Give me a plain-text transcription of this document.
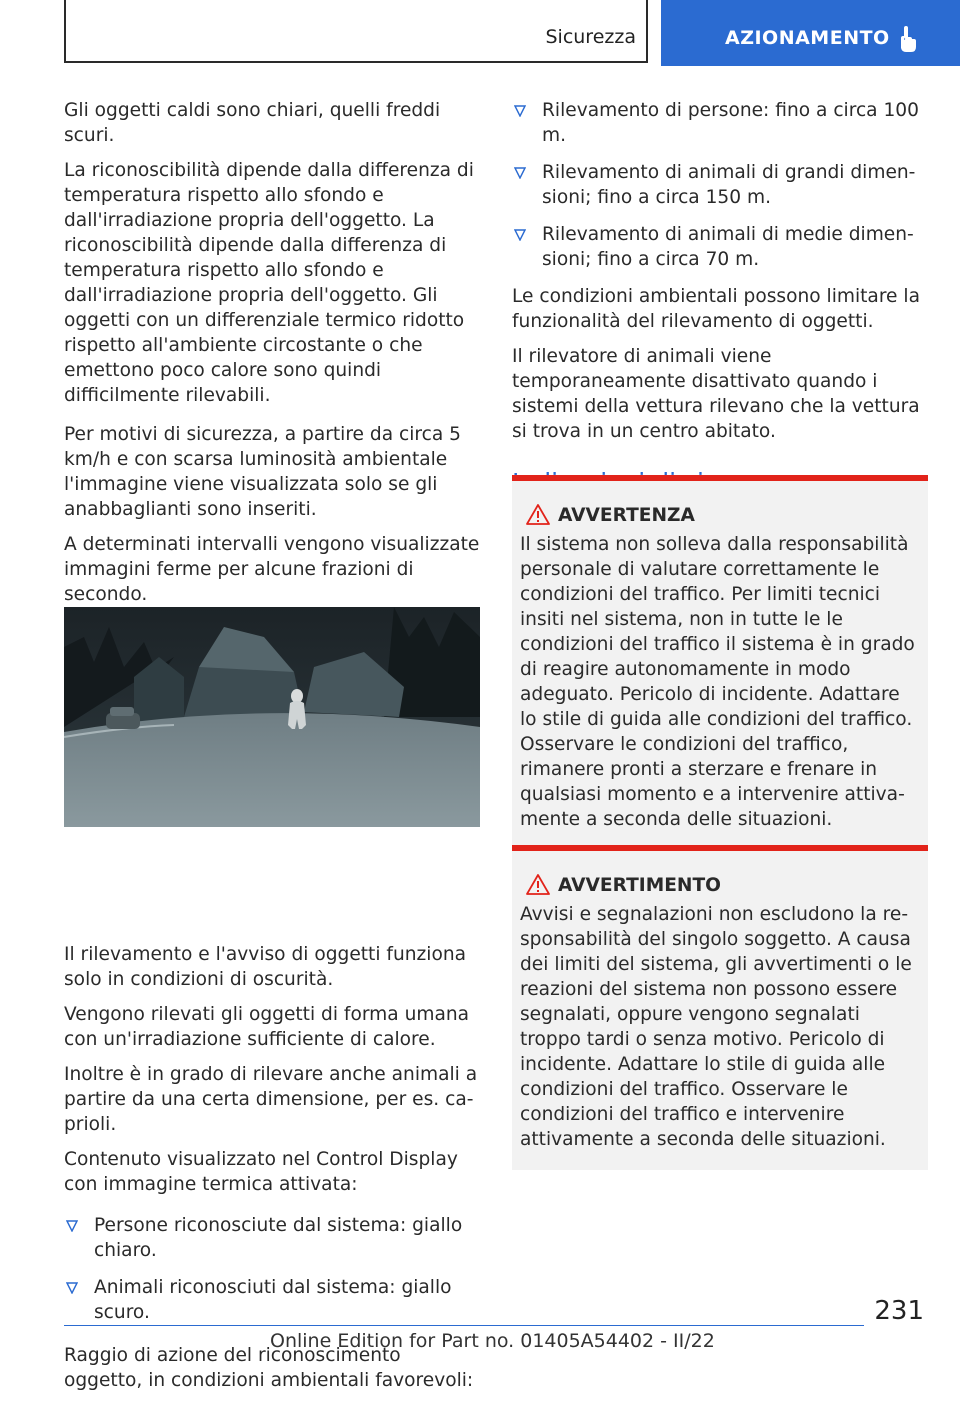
Sicurezza	AZIONAMENTO

Gli oggetti caldi sono chiari, quelli freddi scuri.

La riconoscibilità dipende dalla differenza di temperatura rispetto allo sfondo e dall'irradiazione propria dell'oggetto. La riconoscibilità dipende dalla differenza di temperatura rispetto allo sfondo e dall'irradiazione propria dell'oggetto. Gli oggetti con un differenziale termico ridotto rispetto all'ambiente circostante o che emettono poco calore sono quindi difficilmente rilevabili.

Per motivi di sicurezza, a partire da circa 5 km/h e con scarsa luminosità ambientale l'immagine viene visualizzata solo se gli anabbaglianti sono inseriti.

A determinati intervalli vengono visualizzate immagini ferme per alcune frazioni di secondo.

Il rilevamento e l'avviso di oggetti funziona solo in condizioni di oscurità.

Vengono rilevati gli oggetti di forma umana con un'irradiazione sufficiente di calore.

Inoltre è in grado di rilevare anche animali a partire da una certa dimensione, per es. caprioli.

Contenuto visualizzato nel Control Display con immagine termica attivata:

Persone riconosciute dal sistema: giallo chiaro.
Animali riconosciuti dal sistema: giallo scuro.

Raggio di azione del riconoscimento oggetto, in condizioni ambientali favorevoli:

Rilevamento di persone: fino a circa 100 m.
Rilevamento di animali di grandi dimensioni; fino a circa 150 m.
Rilevamento di animali di medie dimensioni; fino a circa 70 m.

Le condizioni ambientali possono limitare la funzionalità del rilevamento di oggetti.

Il rilevatore di animali viene temporaneamente disattivato quando i sistemi della vettura rilevano che la vettura si trova in un centro abitato.

AVVERTENZA
Il sistema non solleva dalla responsabilità personale di valutare correttamente le condizioni del traffico. Per limiti tecnici insiti nel sistema, non in tutte le le condizioni del traffico il sistema è in grado di reagire autonomamente in modo adeguato. Pericolo di incidente. Adattare lo stile di guida alle condizioni del traffico. Osservare le condizioni del traffico, rimanere pronti a sterzare e frenare in qualsiasi momento e a intervenire attivamente a seconda delle situazioni.
AVVERTIMENTO
Avvisi e segnalazioni non escludono la responsabilità del singolo soggetto. A causa dei limiti del sistema, gli avvertimenti o le reazioni del sistema non possono essere segnalati, oppure vengono segnalati troppo tardi o senza motivo. Pericolo di incidente. Adattare lo stile di guida alle condizioni del traffico. Osservare le condizioni del traffico e intervenire attivamente a seconda delle situazioni.
231
Online Edition for Part no. 01405A54402 - II/22
